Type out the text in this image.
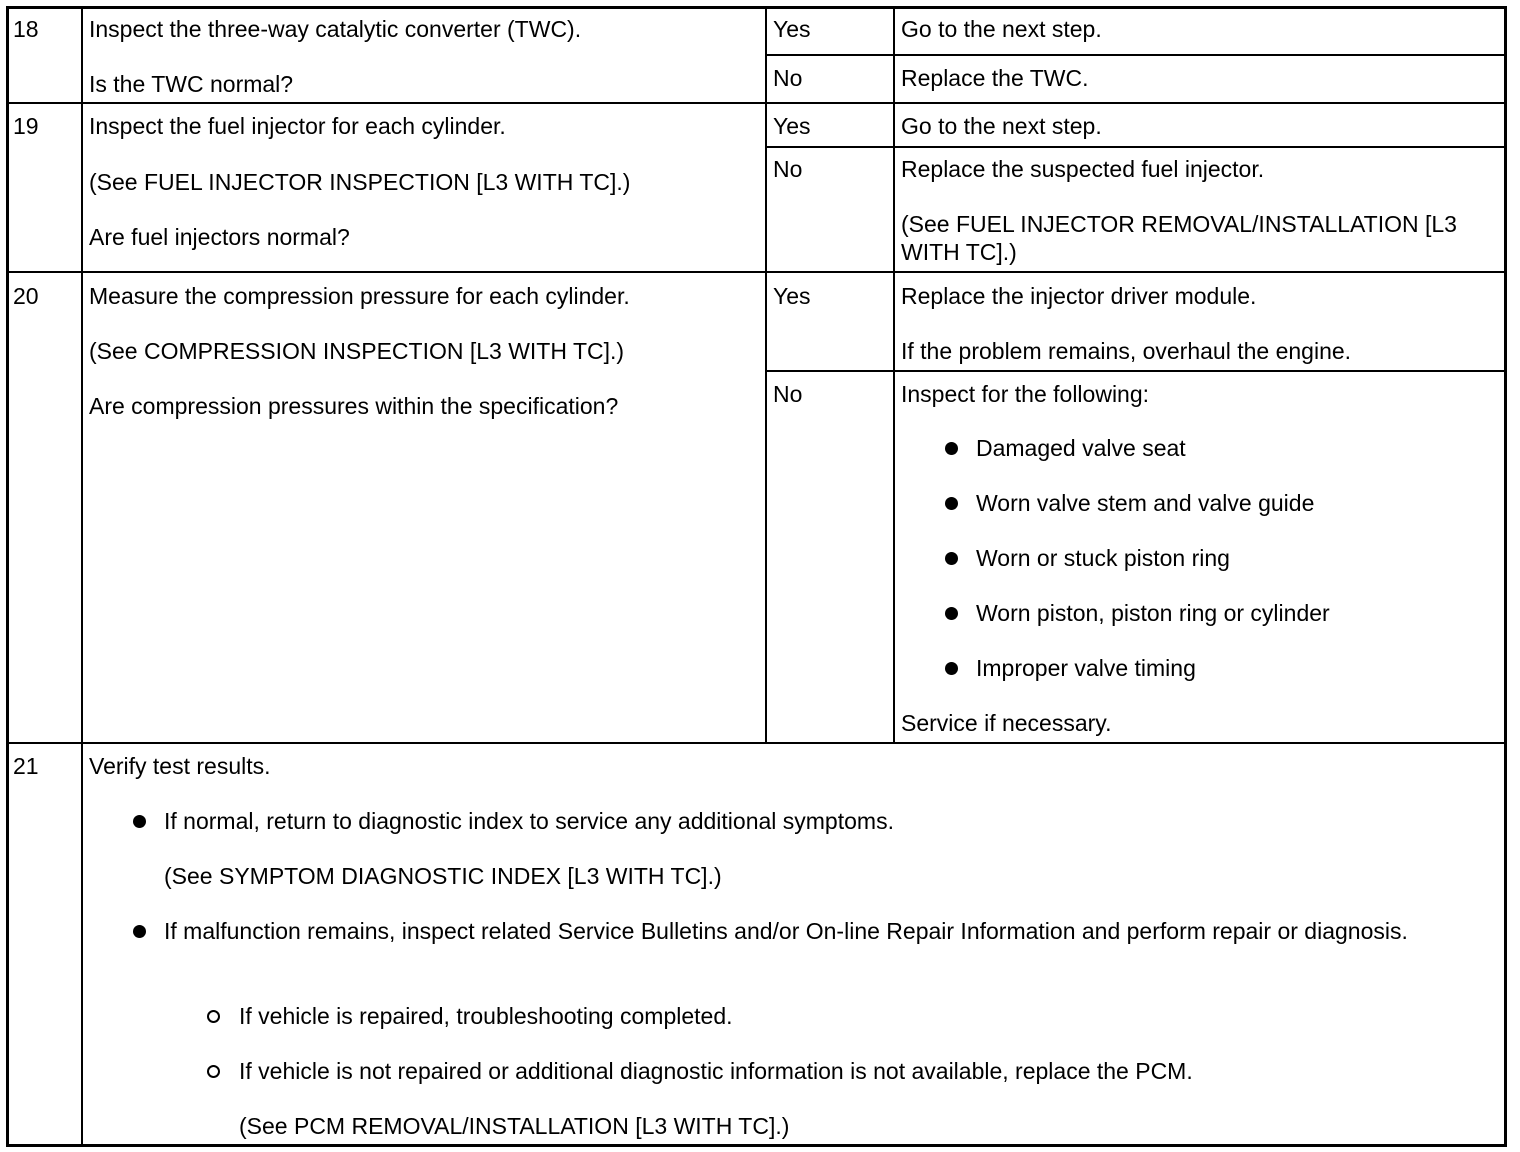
18 Inspect the three-way catalytic converter (TWC).
Is the TWC normal?
Yes	Go to the next step.
No	Replace the TWC.
19 Inspect the fuel injector for each cylinder.
(See FUEL INJECTOR INSPECTION [L3 WITH TC].)
Are fuel injectors normal?
Yes	Go to the next step.
No	Replace the suspected fuel injector.
(See FUEL INJECTOR REMOVAL/INSTALLATION [L3 WITH TC].)
20 Measure the compression pressure for each cylinder.
(See COMPRESSION INSPECTION [L3 WITH TC].)
Are compression pressures within the specification?
Yes	Replace the injector driver module.
If the problem remains, overhaul the engine.
No	Inspect for the following:
Damaged valve seat
Worn valve stem and valve guide
Worn or stuck piston ring
Worn piston, piston ring or cylinder
Improper valve timing
Service if necessary.
21 Verify test results.
If normal, return to diagnostic index to service any additional symptoms.
(See SYMPTOM DIAGNOSTIC INDEX [L3 WITH TC].)
If malfunction remains, inspect related Service Bulletins and/or On-line Repair Information and perform repair or diagnosis.
If vehicle is repaired, troubleshooting completed.
If vehicle is not repaired or additional diagnostic information is not available, replace the PCM.
(See PCM REMOVAL/INSTALLATION [L3 WITH TC].)
